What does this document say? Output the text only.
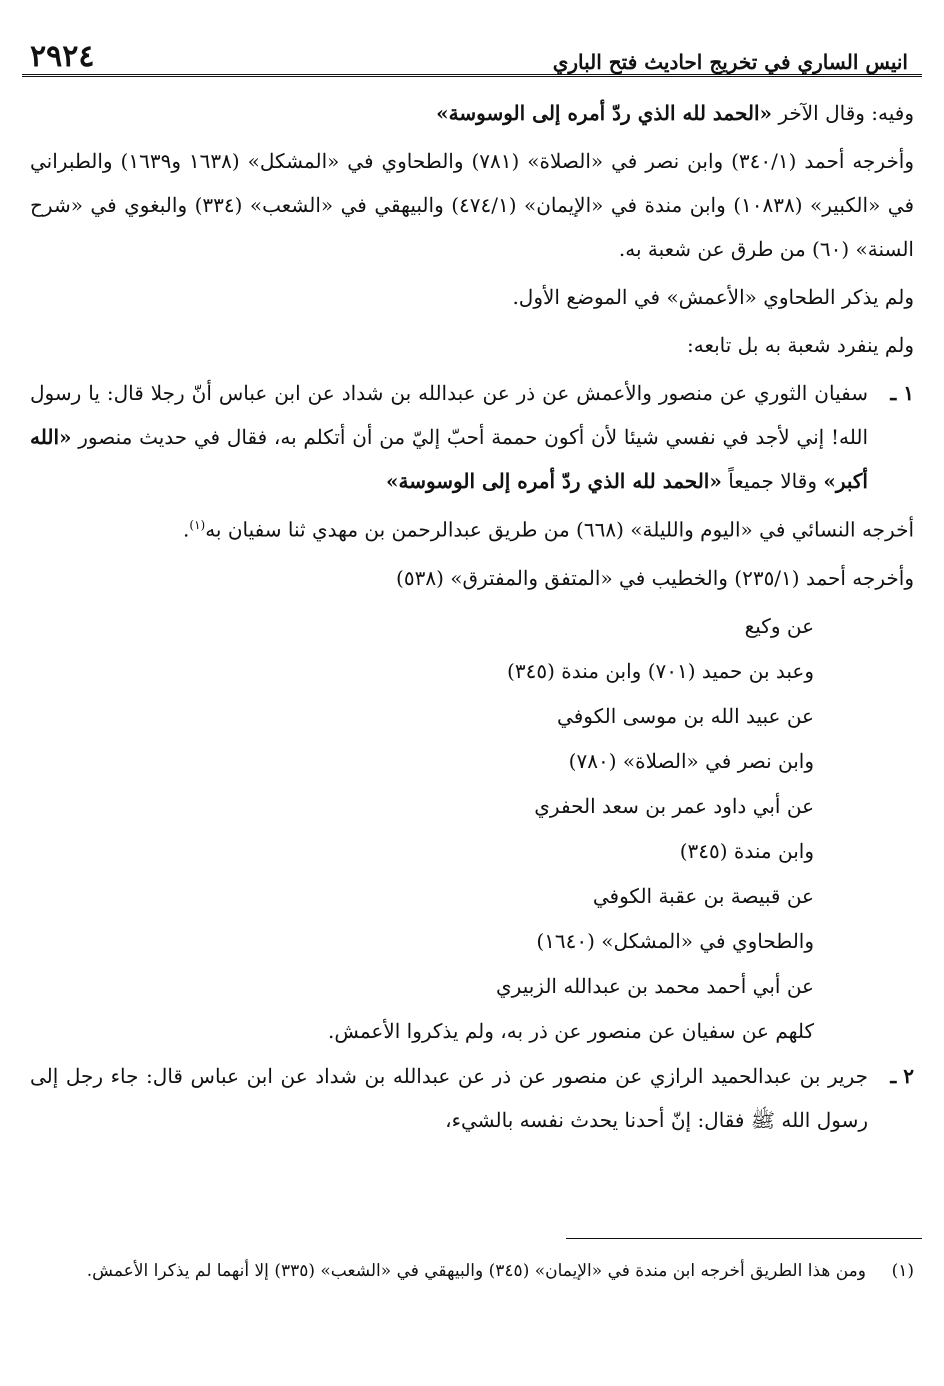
انيس الساري في تخريج احاديث فتح الباري
٢٩٢٤

وفيه: وقال الآخر «الحمد لله الذي ردّ أمره إلى الوسوسة»

وأخرجه أحمد (٣٤٠/١) وابن نصر في «الصلاة» (٧٨١) والطحاوي في «المشكل» (١٦٣٨ و١٦٣٩) والطبراني في «الكبير» (١٠٨٣٨) وابن مندة في «الإيمان» (٤٧٤/١) والبيهقي في «الشعب» (٣٣٤) والبغوي في «شرح السنة» (٦٠) من طرق عن شعبة به.

ولم يذكر الطحاوي «الأعمش» في الموضع الأول.

ولم ينفرد شعبة به بل تابعه:

١ ـ
سفيان الثوري عن منصور والأعمش عن ذر عن عبدالله بن شداد عن ابن عباس أنّ رجلا قال: يا رسول الله! إني لأجد في نفسي شيئا لأن أكون حممة أحبّ إليّ من أن أتكلم به، فقال في حديث منصور «الله أكبر» وقالا جميعاً «الحمد لله الذي ردّ أمره إلى الوسوسة»

أخرجه النسائي في «اليوم والليلة» (٦٦٨) من طريق عبدالرحمن بن مهدي ثنا سفيان به$^{(١)}$.

وأخرجه أحمد (٢٣٥/١) والخطيب في «المتفق والمفترق» (٥٣٨)

عن وكيع

وعبد بن حميد (٧٠١) وابن مندة (٣٤٥)

عن عبيد الله بن موسى الكوفي

وابن نصر في «الصلاة» (٧٨٠)

عن أبي داود عمر بن سعد الحفري

وابن مندة (٣٤٥)

عن قبيصة بن عقبة الكوفي

والطحاوي في «المشكل» (١٦٤٠)

عن أبي أحمد محمد بن عبدالله الزبيري

كلهم عن سفيان عن منصور عن ذر به، ولم يذكروا الأعمش.

٢ ـ
جرير بن عبدالحميد الرازي عن منصور عن ذر عن عبدالله بن شداد عن ابن عباس قال: جاء رجل إلى رسول الله ﷺ فقال: إنّ أحدنا يحدث نفسه بالشيء،
(١)
ومن هذا الطريق أخرجه ابن مندة في «الإيمان» (٣٤٥) والبيهقي في «الشعب» (٣٣٥) إلا أنهما لم يذكرا الأعمش.
